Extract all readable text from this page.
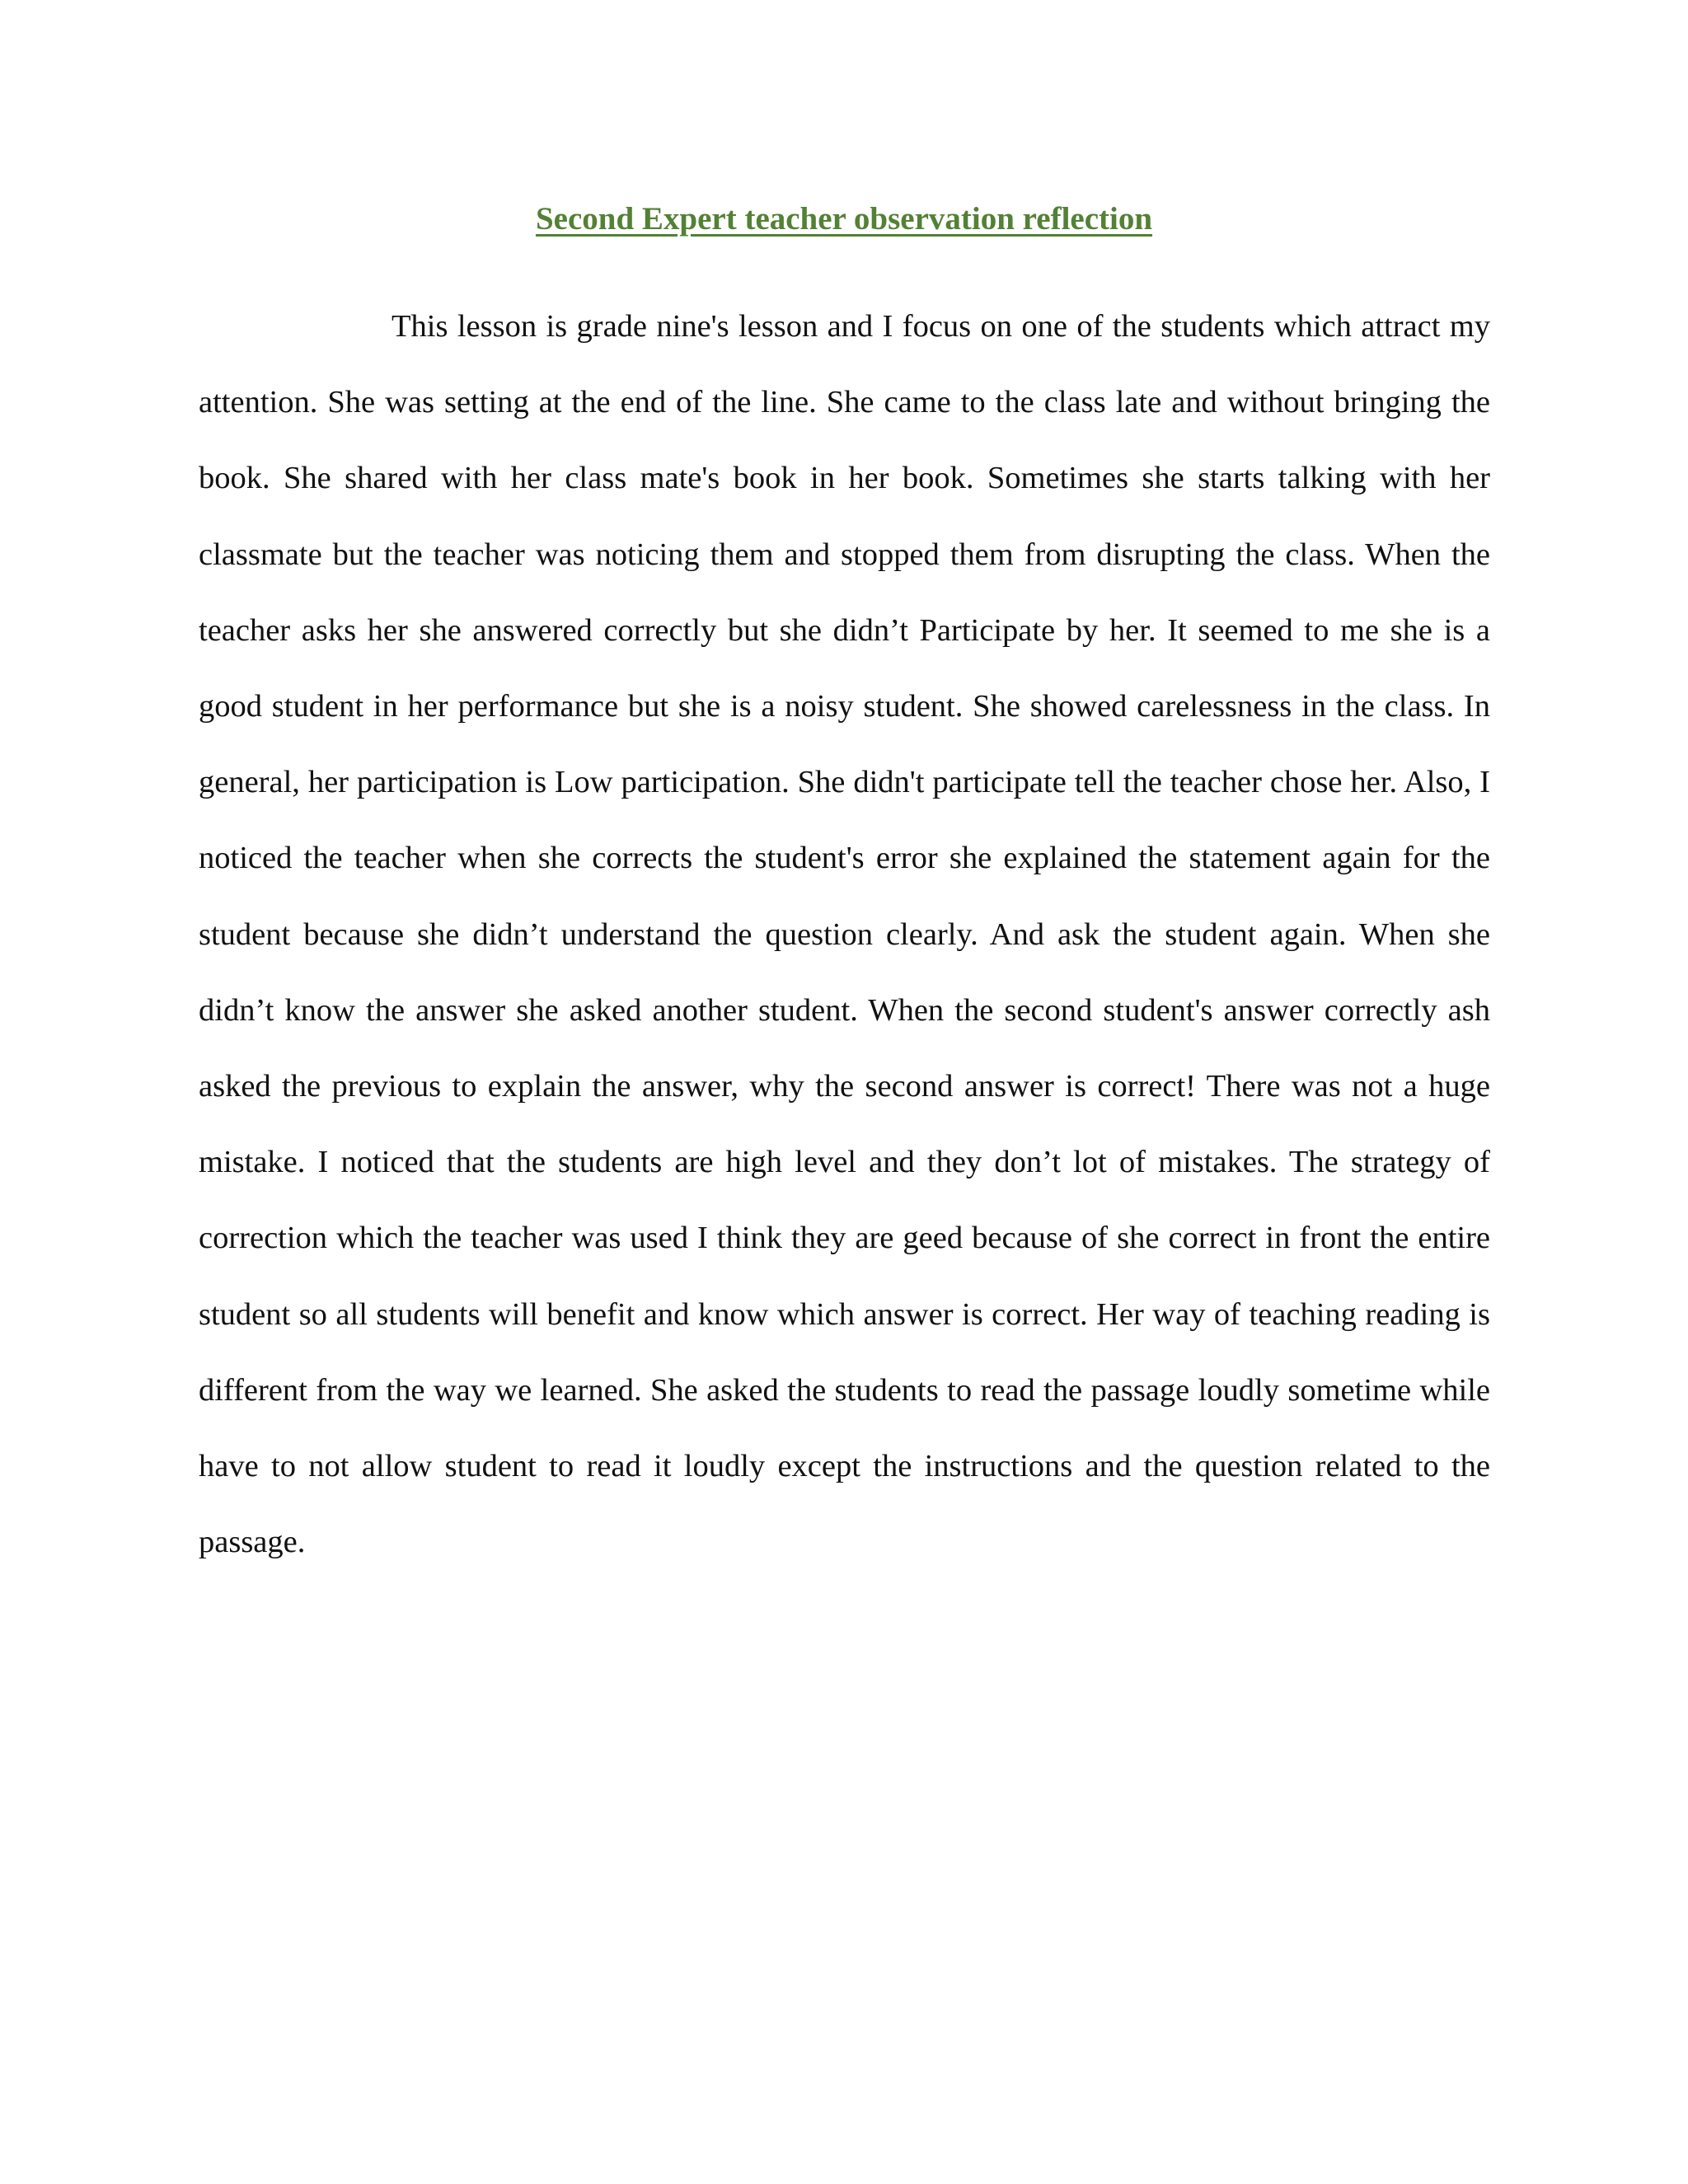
Second Expert teacher observation reflection

This lesson is grade nine's lesson and I focus on one of the students which attract my attention. She was setting at the end of the line. She came to the class late and without bringing the book. She shared with her class mate's book in her book. Sometimes she starts talking with her classmate but the teacher was noticing them and stopped them from disrupting the class. When the teacher asks her she answered correctly but she didn’t Participate by her. It seemed to me she is a good student in her performance but she is a noisy student. She showed carelessness in the class. In general, her participation is Low participation. She didn't participate tell the teacher chose her. Also, I noticed the teacher when she corrects the student's error she explained the statement again for the student because she didn’t understand the question clearly. And ask the student again. When she didn’t know the answer she asked another student. When the second student's answer correctly ash asked the previous to explain the answer, why the second answer is correct! There was not a huge mistake. I noticed that the students are high level and they don’t lot of mistakes. The strategy of correction which the teacher was used I think they are geed because of she correct in front the entire student so all students will benefit and know which answer is correct. Her way of teaching reading is different from the way we learned. She asked the students to read the passage loudly sometime while have to not allow student to read it loudly except the instructions and the question related to the passage.
